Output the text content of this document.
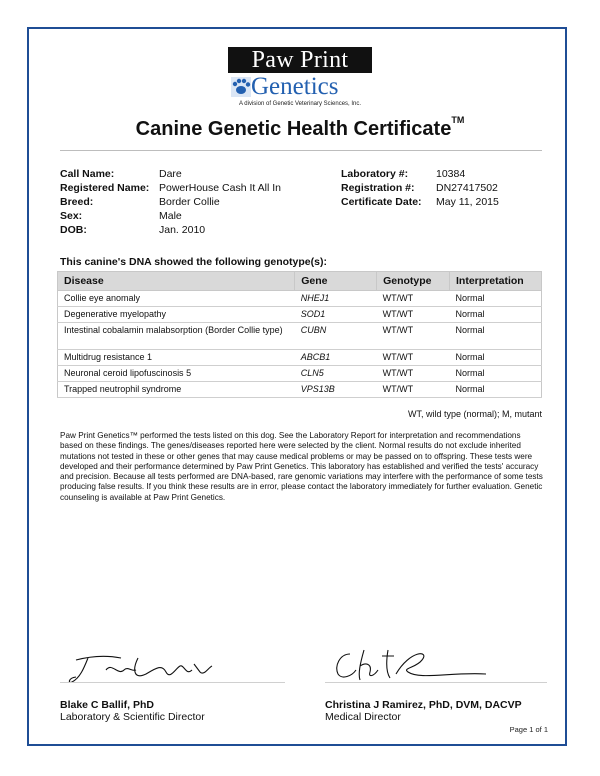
Paw Print
Genetics
A division of Genetic Veterinary Sciences, Inc.
Canine Genetic Health Certificate™
Call Name:	Dare
Registered Name: PowerHouse Cash It All In
Breed:	Border Collie
Sex:	Male
DOB:	Jan. 2010
Laboratory #:	10384
Registration #: DN27417502
Certificate Date: May 11, 2015
This canine's DNA showed the following genotype(s):
Disease	Gene	Genotype	Interpretation
Collie eye anomaly	NHEJ1	WT/WT	Normal
Degenerative myelopathy	SOD1	WT/WT	Normal
Intestinal cobalamin malabsorption (Border Collie type)	CUBN	WT/WT	Normal
Multidrug resistance 1	ABCB1	WT/WT	Normal
Neuronal ceroid lipofuscinosis 5	CLN5	WT/WT	Normal
Trapped neutrophil syndrome	VPS13B	WT/WT	Normal
WT, wild type (normal); M, mutant
Paw Print Genetics™ performed the tests listed on this dog. See the Laboratory Report for interpretation and recommendations based on these findings. The genes/diseases reported here were selected by the client. Normal results do not exclude inherited mutations not tested in these or other genes that may cause medical problems or may be passed on to offspring. These tests were developed and their performance determined by Paw Print Genetics. This laboratory has established and verified the tests' accuracy and precision. Because all tests performed are DNA-based, rare genomic variations may interfere with the performance of some tests producing false results. If you think these results are in error, please contact the laboratory immediately for further evaluation. Genetic counseling is available at Paw Print Genetics.
Blake C Ballif, PhD
Laboratory & Scientific Director
Christina J Ramirez, PhD, DVM, DACVP
Medical Director
Page 1 of 1
